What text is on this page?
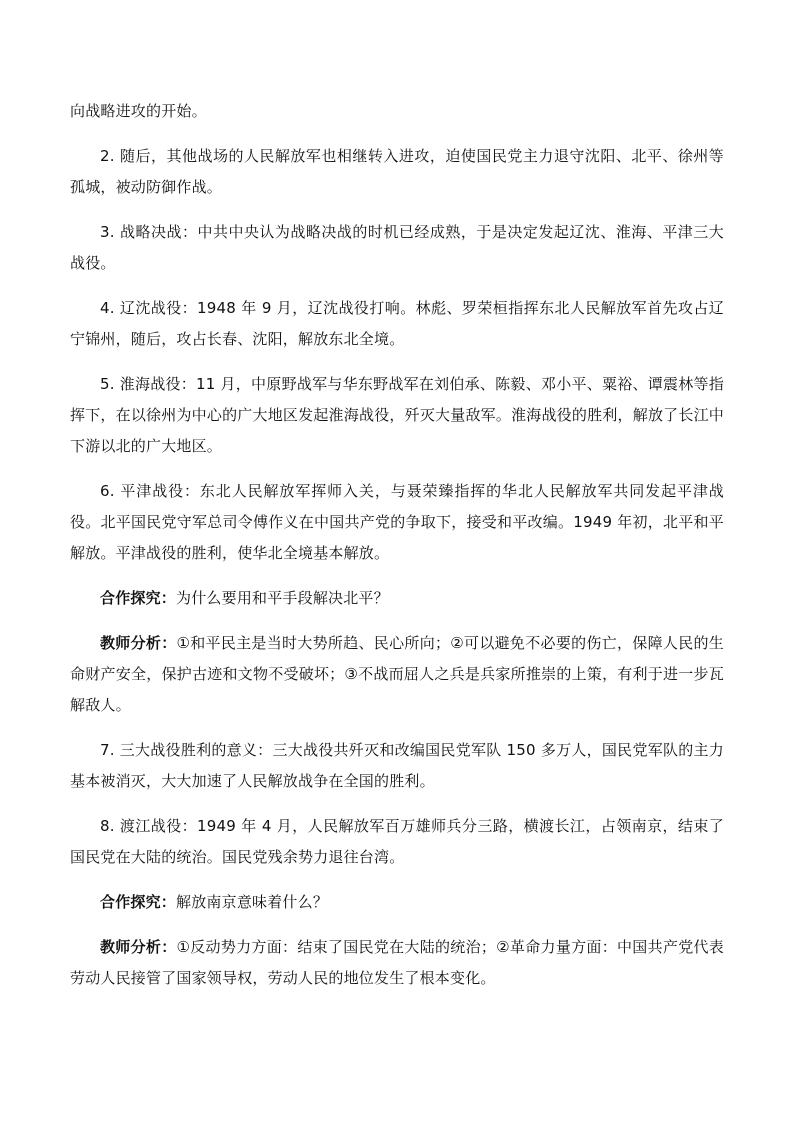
向战略进攻的开始。

2. 随后，其他战场的人民解放军也相继转入进攻，迫使国民党主力退守沈阳、北平、徐州等孤城，被动防御作战。

3. 战略决战：中共中央认为战略决战的时机已经成熟，于是决定发起辽沈、淮海、平津三大战役。

4. 辽沈战役：1948 年 9 月，辽沈战役打响。林彪、罗荣桓指挥东北人民解放军首先攻占辽宁锦州，随后，攻占长春、沈阳，解放东北全境。

5. 淮海战役：11 月，中原野战军与华东野战军在刘伯承、陈毅、邓小平、粟裕、谭震林等指挥下，在以徐州为中心的广大地区发起淮海战役，歼灭大量敌军。淮海战役的胜利，解放了长江中下游以北的广大地区。

6. 平津战役：东北人民解放军挥师入关，与聂荣臻指挥的华北人民解放军共同发起平津战役。北平国民党守军总司令傅作义在中国共产党的争取下，接受和平改编。1949 年初，北平和平解放。平津战役的胜利，使华北全境基本解放。

合作探究：为什么要用和平手段解决北平？

教师分析：①和平民主是当时大势所趋、民心所向；②可以避免不必要的伤亡，保障人民的生命财产安全，保护古迹和文物不受破坏；③不战而屈人之兵是兵家所推崇的上策，有利于进一步瓦解敌人。

7. 三大战役胜利的意义：三大战役共歼灭和改编国民党军队 150 多万人，国民党军队的主力基本被消灭，大大加速了人民解放战争在全国的胜利。

8. 渡江战役：1949 年 4 月，人民解放军百万雄师兵分三路，横渡长江，占领南京，结束了国民党在大陆的统治。国民党残余势力退往台湾。

合作探究：解放南京意味着什么？

教师分析：①反动势力方面：结束了国民党在大陆的统治；②革命力量方面：中国共产党代表劳动人民接管了国家领导权，劳动人民的地位发生了根本变化。
